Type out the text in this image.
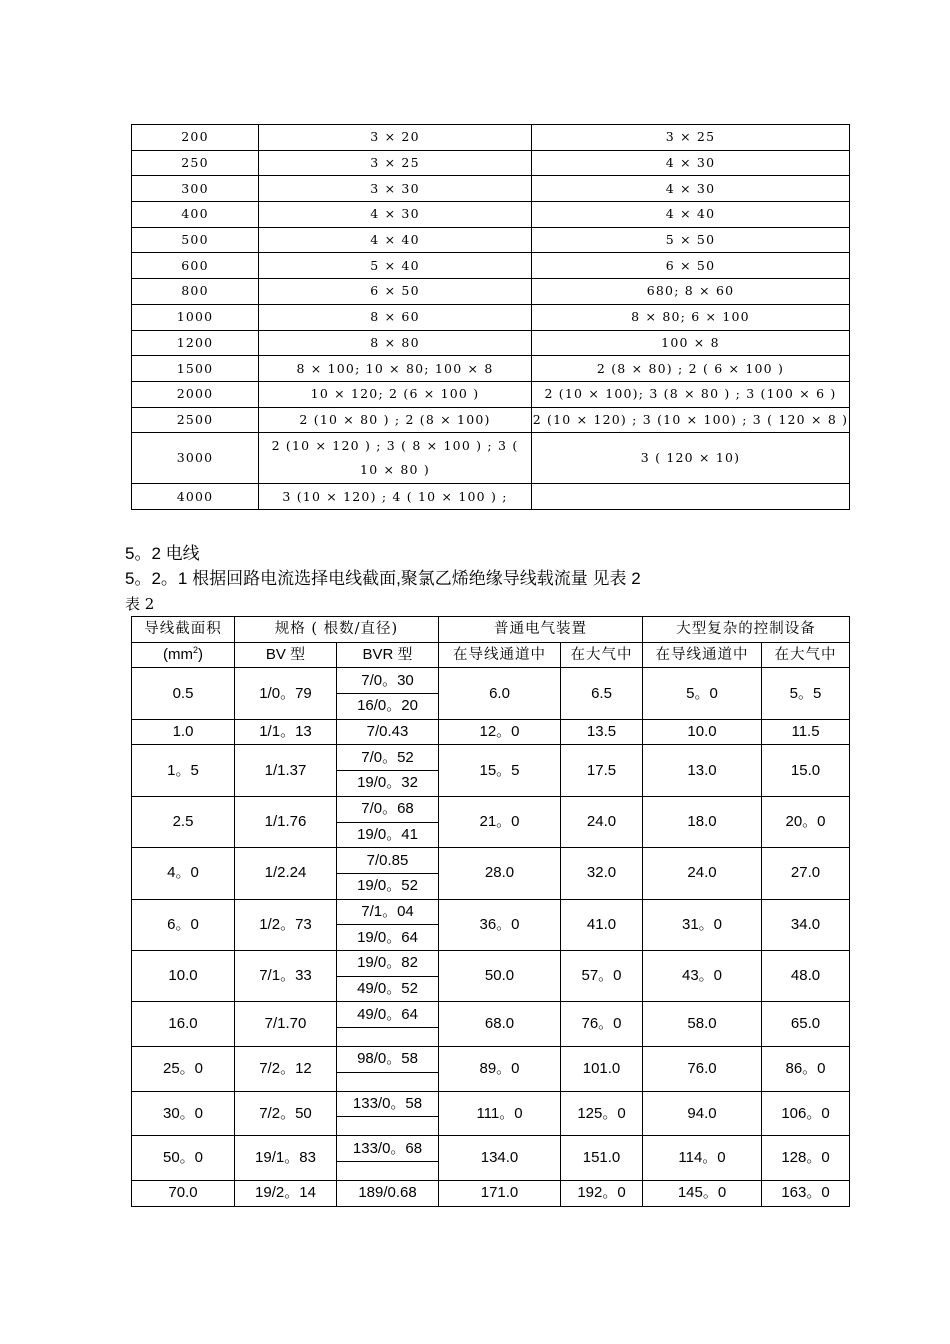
200	3 × 20	3 × 25
250	3 × 25	4 × 30
300	3 × 30	4 × 30
400	4 × 30	4 × 40
500	4 × 40	5 × 50
600	5 × 40	6 × 50
800	6 × 50	680; 8 × 60
1000	8 × 60	8 × 80; 6 × 100
1200	8 × 80	100 × 8
1500	8 × 100; 10 × 80; 100 × 8	2 (8 × 80) ; 2 ( 6 × 100 )
2000	10 × 120; 2 (6 × 100 )	2 (10 × 100); 3 (8 × 80 ) ; 3 (100 × 6 )
2500	2 (10 × 80 ) ; 2 (8 × 100)	2 (10 × 120) ; 3 (10 × 100) ; 3 ( 120 × 8 )
3000	2 (10 × 120 ) ; 3 ( 8 × 100 ) ; 3 ( 10 × 80 )	3 ( 120 × 10)
4000	3 (10 × 120) ; 4 ( 10 × 100 ) ;	
5。2 电线
5。2。1 根据回路电流选择电线截面,聚氯乙烯绝缘导线载流量 见表 2
表 2
导线截面积	规格 ( 根数/直径)		普通电气装置		大型复杂的控制设备	
$(mm^2)$	BV 型	BVR 型	在导线通道中	在大气中	在导线通道中	在大气中
0.5	1/0。79	7/0。30	6.0	6.5	5。0	5。5
		16/0。20				
1.0	1/1。13	7/0.43	12。0	13.5	10.0	11.5
1。5	1/1.37	7/0。52	15。5	17.5	13.0	15.0
		19/0。32				
2.5	1/1.76	7/0。68	21。0	24.0	18.0	20。0
		19/0。41				
4。0	1/2.24	7/0.85	28.0	32.0	24.0	27.0
		19/0。52				
6。0	1/2。73	7/1。04	36。0	41.0	31。0	34.0
		19/0。64				
10.0	7/1。33	19/0。82	50.0	57。0	43。0	48.0
		49/0。52				
16.0	7/1.70	49/0。64	68.0	76。0	58.0	65.0

25。0	7/2。12	98/0。58	89。0	101.0	76.0	86。0

30。0	7/2。50	133/0。58	111。0	125。0	94.0	106。0

50。0	19/1。83	133/0。68	134.0	151.0	114。0	128。0

70.0	19/2。14	189/0.68	171.0	192。0	145。0	163。0
